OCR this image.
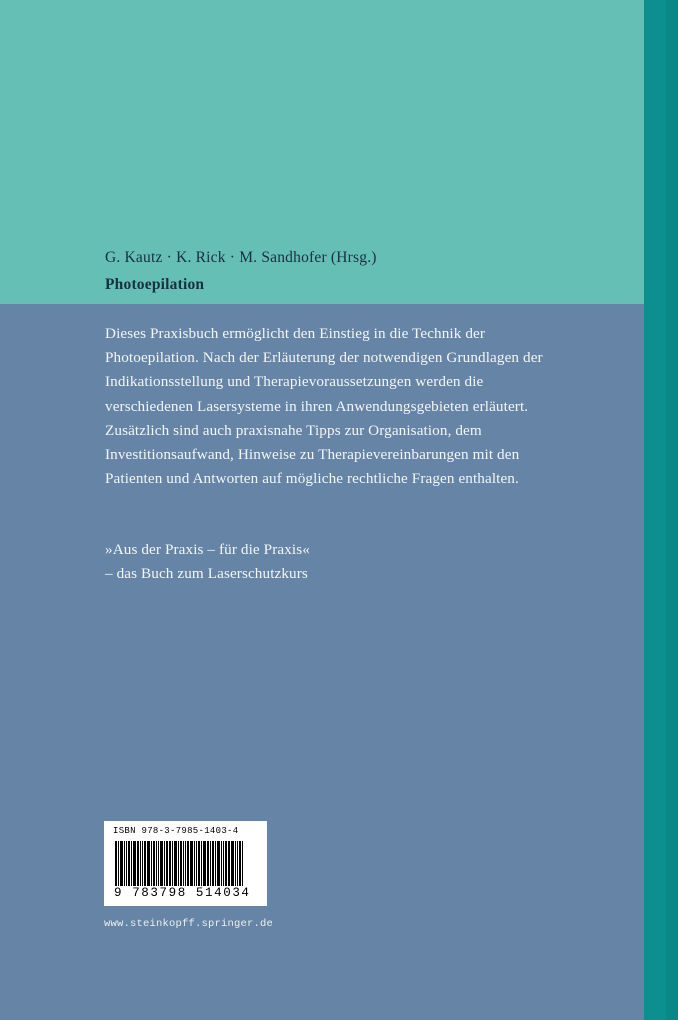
G. Kautz · K. Rick · M. Sandhofer (Hrsg.)
Photoepilation
Dieses Praxisbuch ermöglicht den Einstieg in die Technik der Photoepilation. Nach der Erläuterung der notwendigen Grundlagen der Indikationsstellung und Therapievoraussetzungen werden die verschiedenen Lasersysteme in ihren Anwendungsgebieten erläutert. Zusätzlich sind auch praxisnahe Tipps zur Organisation, dem Investitionsaufwand, Hinweise zu Therapievereinbarungen mit den Patienten und Antworten auf mögliche rechtliche Fragen enthalten.
»Aus der Praxis – für die Praxis«
– das Buch zum Laserschutzkurs
ISBN 978-3-7985-1403-4
9 783798 514034
www.steinkopff.springer.de
